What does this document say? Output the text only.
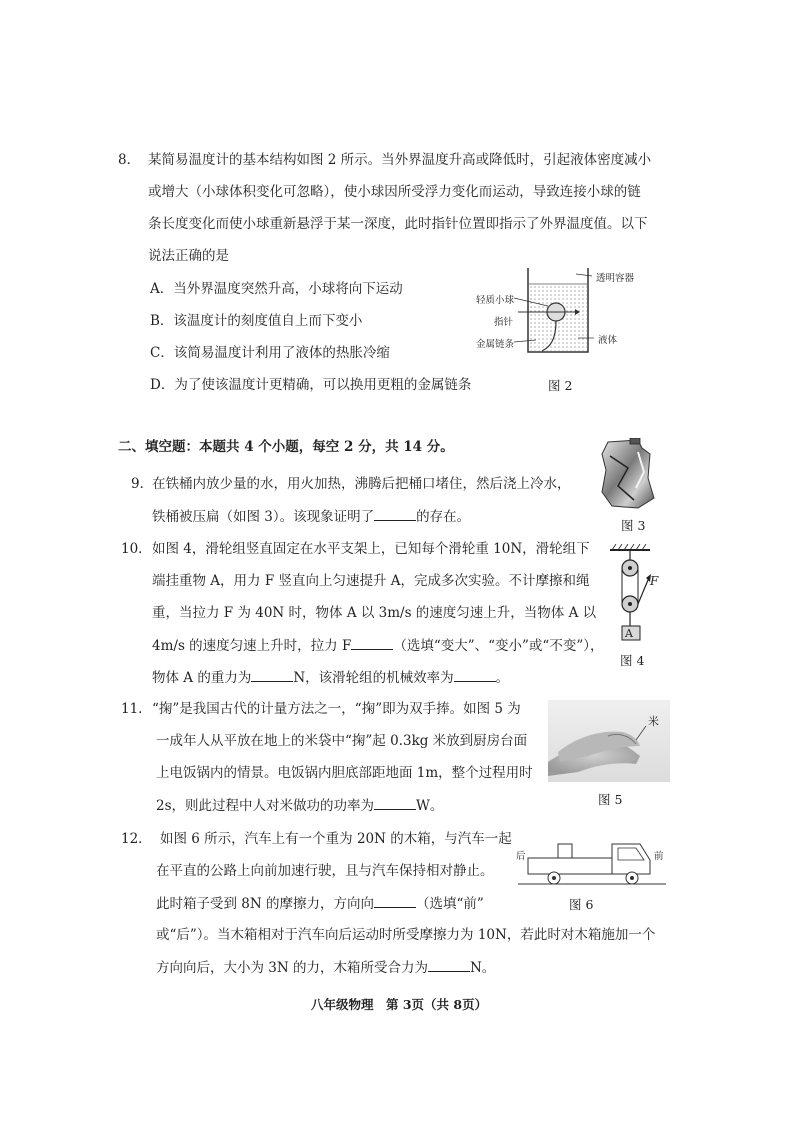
8． 某简易温度计的基本结构如图 2 所示。当外界温度升高或降低时，引起液体密度减小
或增大（小球体积变化可忽略），使小球因所受浮力变化而运动，导致连接小球的链
条长度变化而使小球重新悬浮于某一深度，此时指针位置即指示了外界温度值。以下
说法正确的是
A．当外界温度突然升高，小球将向下运动
B．该温度计的刻度值自上而下变小
C．该简易温度计利用了液体的热胀冷缩
D．为了使该温度计更精确，可以换用更粗的金属链条
透明容器
轻质小球
指针
金属链条	液体
图 2
二、填空题：本题共 4 个小题，每空 2 分，共 14 分。
9．
在铁桶内放少量的水，用火加热，沸腾后把桶口堵住，然后浇上冷水，
铁桶被压扁（如图 3）。该现象证明了	的存在。
图 3
10． 如图 4，滑轮组竖直固定在水平支架上，已知每个滑轮重 10N，滑轮组下
端挂重物 A，用力 F 竖直向上匀速提升 A，完成多次实验。不计摩擦和绳
重，当拉力 F 为 40N 时，物体 A 以 3m/s 的速度匀速上升，当物体 A 以
4m/s 的速度匀速上升时，拉力 F	（选填“变大”、“变小”或“不变”），
物体 A 的重力为	N，该滑轮组的机械效率为	。
F
A
图 4
11． “掬”是我国古代的计量方法之一，“掬”即为双手捧。如图 5 为
一成年人从平放在地上的米袋中“掬”起 0.3kg 米放到厨房台面
上电饭锅内的情景。电饭锅内胆底部距地面 1m，整个过程用时
2s，则此过程中人对米做功的功率为	W。
米
图 5
12． 如图 6 所示，汽车上有一个重为 20N 的木箱，与汽车一起
在平直的公路上向前加速行驶，且与汽车保持相对静止。
此时箱子受到 8N 的摩擦力，方向向	（选填“前”
或“后”）。当木箱相对于汽车向后运动时所受摩擦力为 10N，若此时对木箱施加一个
方向向后，大小为 3N 的力，木箱所受合力为	N。
后	前
图 6
八年级物理　第 3页（共 8页）
